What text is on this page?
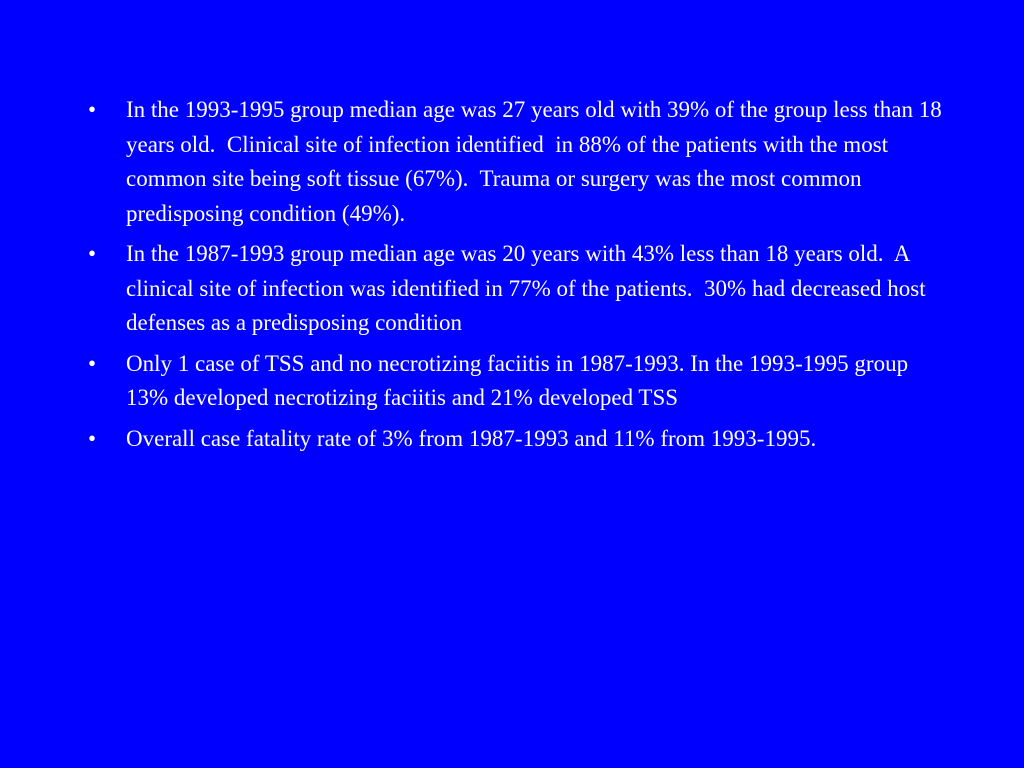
•	In the 1993-1995 group median age was 27 years old with 39% of the group less than 18 years old.  Clinical site of infection identified  in 88% of the patients with the most common site being soft tissue (67%).  Trauma or surgery was the most common predisposing condition (49%).
•	In the 1987-1993 group median age was 20 years with 43% less than 18 years old.  A clinical site of infection was identified in 77% of the patients.  30% had decreased host defenses as a predisposing condition
•	Only 1 case of TSS and no necrotizing faciitis in 1987-1993. In the 1993-1995 group 13% developed necrotizing faciitis and 21% developed TSS
•	Overall case fatality rate of 3% from 1987-1993 and 11% from 1993-1995.
